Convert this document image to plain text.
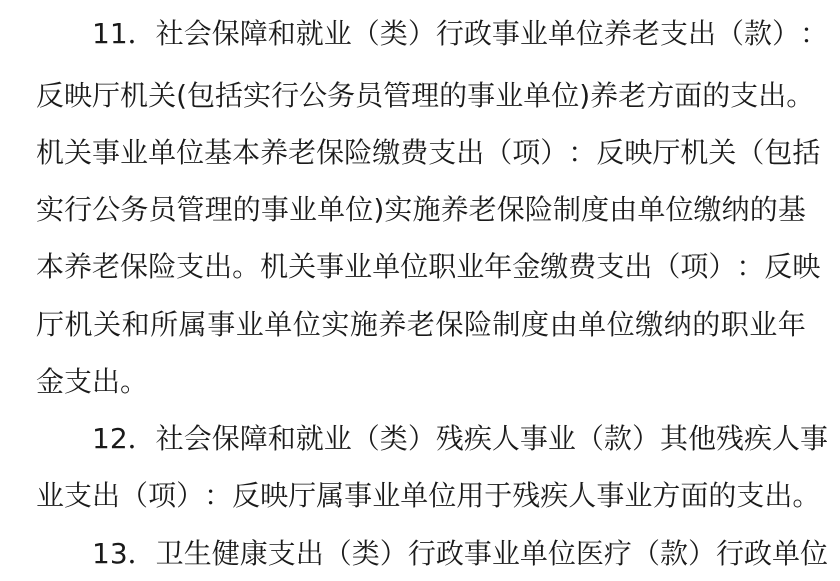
1 1 ． 社 会 保 障 和 就 业 （ 类 ） 行 政 事 业 单 位 养 老 支 出 （ 款 ） ：
反 映 厅 机 关 ( 包 括 实 行 公 务 员 管 理 的 事 业 单 位 ) 养 老 方 面 的 支 出 。
机 关 事 业 单 位 基 本 养 老 保 险 缴 费 支 出 （ 项 ） ： 反 映 厅 机 关 （ 包 括
实 行 公 务 员 管 理 的 事 业 单 位 ) 实 施 养 老 保 险 制 度 由 单 位 缴 纳 的 基
本 养 老 保 险 支 出 。 机 关 事 业 单 位 职 业 年 金 缴 费 支 出 （ 项 ） ： 反 映
厅 机 关 和 所 属 事 业 单 位 实 施 养 老 保 险 制 度 由 单 位 缴 纳 的 职 业 年
金支出。
1 2 ． 社 会 保 障 和 就 业 （ 类 ） 残 疾 人 事 业 （ 款 ） 其 他 残 疾 人 事
业 支 出 （ 项 ） ： 反 映 厅 属 事 业 单 位 用 于 残 疾 人 事 业 方 面 的 支 出 。
1 3 ． 卫 生 健 康 支 出 （ 类 ） 行 政 事 业 单 位 医 疗 （ 款 ） 行 政 单 位
